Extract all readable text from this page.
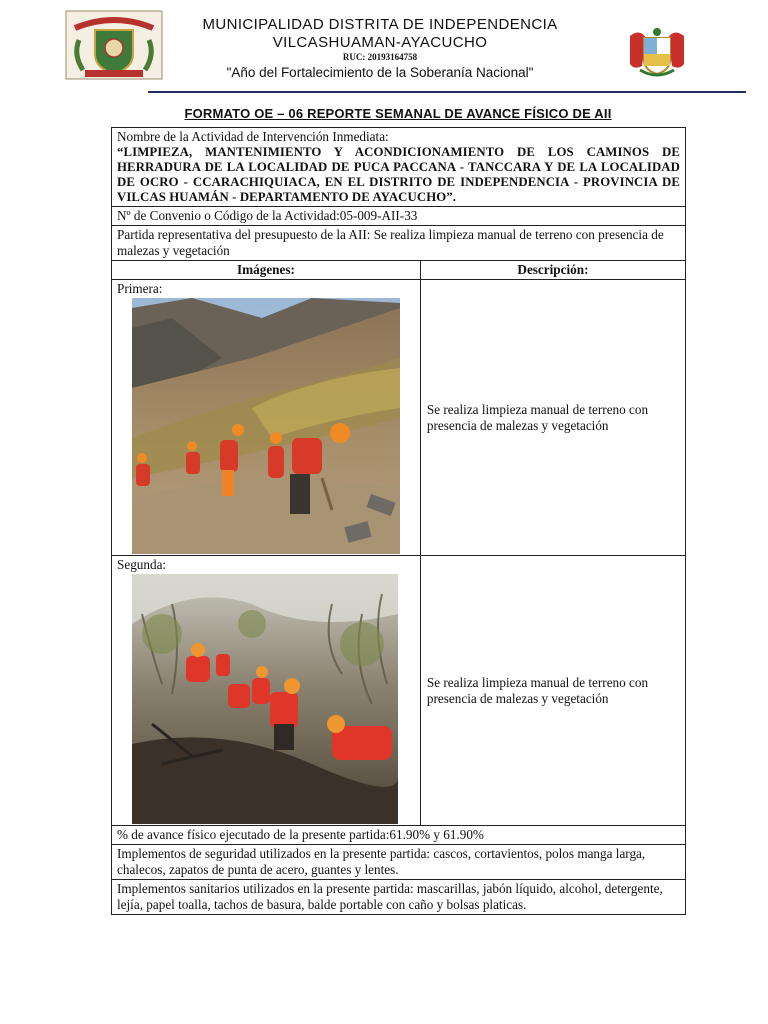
MUNICIPALIDAD DISTRITA DE INDEPENDENCIA
VILCASHUAMAN-AYACUCHO
RUC: 20193164758
"Año del Fortalecimiento de la Soberanía Nacional"
FORMATO OE – 06 REPORTE SEMANAL DE AVANCE FÍSICO DE AII
Nombre de la Actividad de Intervención Inmediata:
“LIMPIEZA, MANTENIMIENTO Y ACONDICIONAMIENTO DE LOS CAMINOS DE HERRADURA DE LA LOCALIDAD DE PUCA PACCANA - TANCCARA Y DE LA LOCALIDAD DE OCRO - CCARACHIQUIACA, EN EL DISTRITO DE INDEPENDENCIA - PROVINCIA DE VILCAS HUAMÁN - DEPARTAMENTO DE AYACUCHO”.	

Nº de Convenio o Código de la Actividad:05-009-AII-33	
Partida representativa del presupuesto de la AII: Se realiza limpieza manual de terreno con presencia de malezas y vegetación	
Imágenes:	Descripción:

Primera:	Se realiza limpieza manual de terreno con presencia de malezas y vegetación

Segunda:	Se realiza limpieza manual de terreno con presencia de malezas y vegetación
% de avance físico ejecutado de la presente partida:61.90% y 61.90%	
Implementos de seguridad utilizados en la presente partida: cascos, cortavientos, polos manga larga, chalecos, zapatos de punta de acero, guantes y lentes.	
Implementos sanitarios utilizados en la presente partida: mascarillas, jabón líquido, alcohol, detergente, lejía, papel toalla, tachos de basura, balde portable con caño y bolsas platicas.	
